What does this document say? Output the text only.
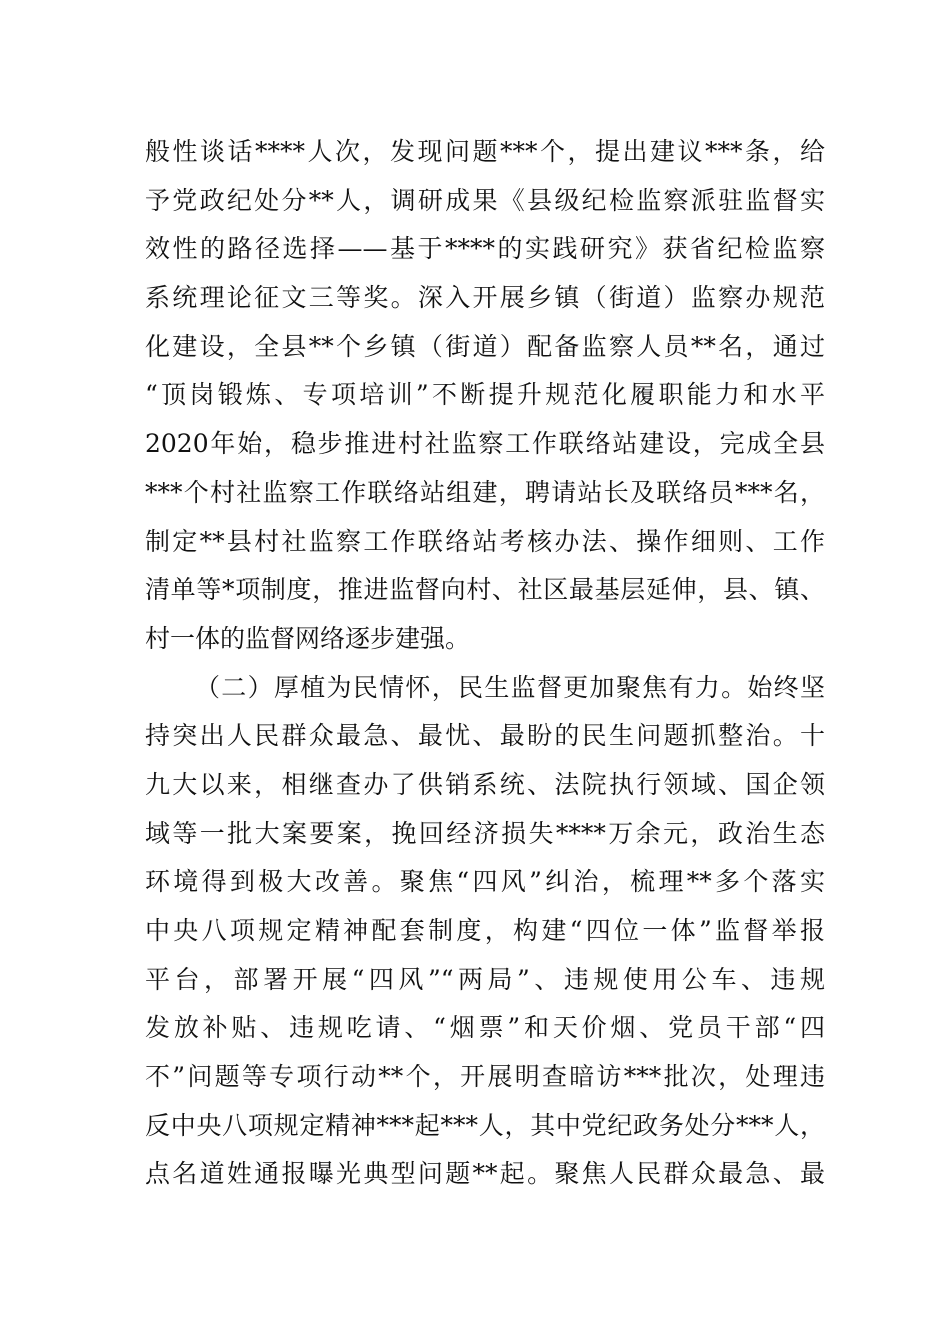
般性谈话****人次，发现问题***个，提出建议***条，给
予党政纪处分**人，调研成果《县级纪检监察派驻监督实
效性的路径选择——基于****的实践研究》获省纪检监察
系统理论征文三等奖。深入开展乡镇（街道）监察办规范
化建设，全县**个乡镇（街道）配备监察人员**名，通过
“顶岗锻炼、专项培训”不断提升规范化履职能力和水平
2020年始，稳步推进村社监察工作联络站建设，完成全县
***个村社监察工作联络站组建，聘请站长及联络员***名，
制定**县村社监察工作联络站考核办法、操作细则、工作
清单等*项制度，推进监督向村、社区最基层延伸，县、镇、
村一体的监督网络逐步建强。
（二）厚植为民情怀，民生监督更加聚焦有力。始终坚
持突出人民群众最急、最忧、最盼的民生问题抓整治。十
九大以来，相继查办了供销系统、法院执行领域、国企领
域等一批大案要案，挽回经济损失****万余元，政治生态
环境得到极大改善。聚焦“四风”纠治，梳理**多个落实
中央八项规定精神配套制度，构建“四位一体”监督举报
平台，部署开展“四风”“两局”、违规使用公车、违规
发放补贴、违规吃请、“烟票”和天价烟、党员干部“四
不”问题等专项行动**个，开展明查暗访***批次，处理违
反中央八项规定精神***起***人，其中党纪政务处分***人，
点名道姓通报曝光典型问题**起。聚焦人民群众最急、最
